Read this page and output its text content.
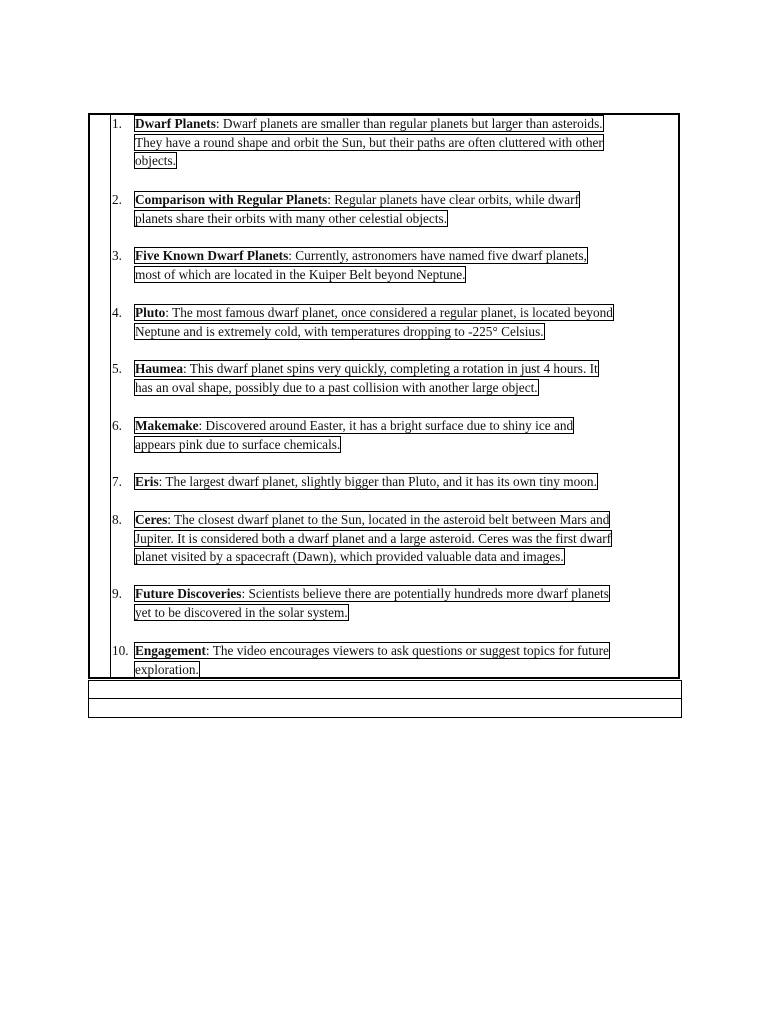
1. Dwarf Planets: Dwarf planets are smaller than regular planets but larger than asteroids.
They have a round shape and orbit the Sun, but their paths are often cluttered with other
objects.
2. Comparison with Regular Planets: Regular planets have clear orbits, while dwarf
planets share their orbits with many other celestial objects.
3. Five Known Dwarf Planets: Currently, astronomers have named five dwarf planets,
most of which are located in the Kuiper Belt beyond Neptune.
4. Pluto: The most famous dwarf planet, once considered a regular planet, is located beyond
Neptune and is extremely cold, with temperatures dropping to -225° Celsius.
5. Haumea: This dwarf planet spins very quickly, completing a rotation in just 4 hours. It
has an oval shape, possibly due to a past collision with another large object.
6. Makemake: Discovered around Easter, it has a bright surface due to shiny ice and
appears pink due to surface chemicals.
7. Eris: The largest dwarf planet, slightly bigger than Pluto, and it has its own tiny moon.
8. Ceres: The closest dwarf planet to the Sun, located in the asteroid belt between Mars and
Jupiter. It is considered both a dwarf planet and a large asteroid. Ceres was the first dwarf
planet visited by a spacecraft (Dawn), which provided valuable data and images.
9. Future Discoveries: Scientists believe there are potentially hundreds more dwarf planets
yet to be discovered in the solar system.
10. Engagement: The video encourages viewers to ask questions or suggest topics for future
exploration.
